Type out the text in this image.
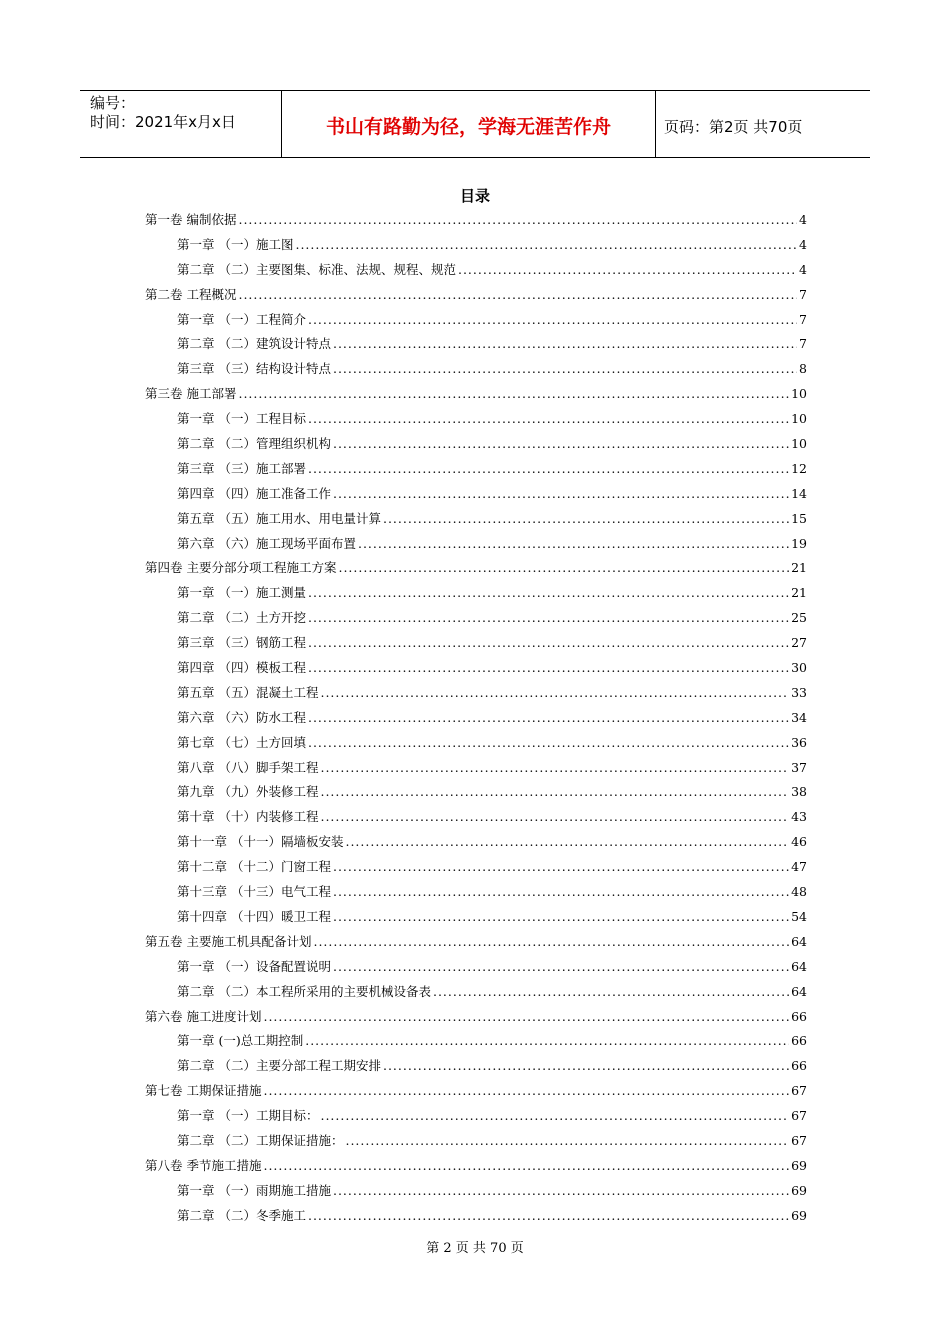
编号：
时间：2021年x月x日	书山有路勤为径，学海无涯苦作舟	页码：第2页 共70页
目录
第一卷 编制依据 .....	4
第一章 （一）施工图 .....	4
第二章 （二）主要图集、标准、法规、规程、规范 .....	4
第二卷 工程概况 .....	7
第一章 （一）工程简介 .....	7
第二章 （二）建筑设计特点 .....	7
第三章 （三）结构设计特点 .....	8
第三卷 施工部署 .....	10
第一章 （一）工程目标 .....	10
第二章 （二）管理组织机构 .....	10
第三章 （三）施工部署 .....	12
第四章 （四）施工准备工作 .....	14
第五章 （五）施工用水、用电量计算 .....	15
第六章 （六）施工现场平面布置 .....	19
第四卷 主要分部分项工程施工方案 .....	21
第一章 （一）施工测量 .....	21
第二章 （二）土方开挖 .....	25
第三章 （三）钢筋工程 .....	27
第四章 （四）模板工程 .....	30
第五章 （五）混凝土工程 .....	33
第六章 （六）防水工程 .....	34
第七章 （七）土方回填 .....	36
第八章 （八）脚手架工程 .....	37
第九章 （九）外装修工程 .....	38
第十章 （十）内装修工程 .....	43
第十一章 （十一）隔墙板安装 .....	46
第十二章 （十二）门窗工程 .....	47
第十三章 （十三）电气工程 .....	48
第十四章 （十四）暖卫工程 .....	54
第五卷 主要施工机具配备计划 .....	64
第一章 （一）设备配置说明 .....	64
第二章 （二）本工程所采用的主要机械设备表 .....	64
第六卷 施工进度计划 .....	66
第一章 (一)总工期控制 .....	66
第二章 （二）主要分部工程工期安排 .....	66
第七卷 工期保证措施 .....	67
第一章 （一）工期目标： .....	67
第二章 （二）工期保证措施： .....	67
第八卷 季节施工措施 .....	69
第一章 （一）雨期施工措施 .....	69
第二章 （二）冬季施工 .....	69
第 2 页 共 70 页
